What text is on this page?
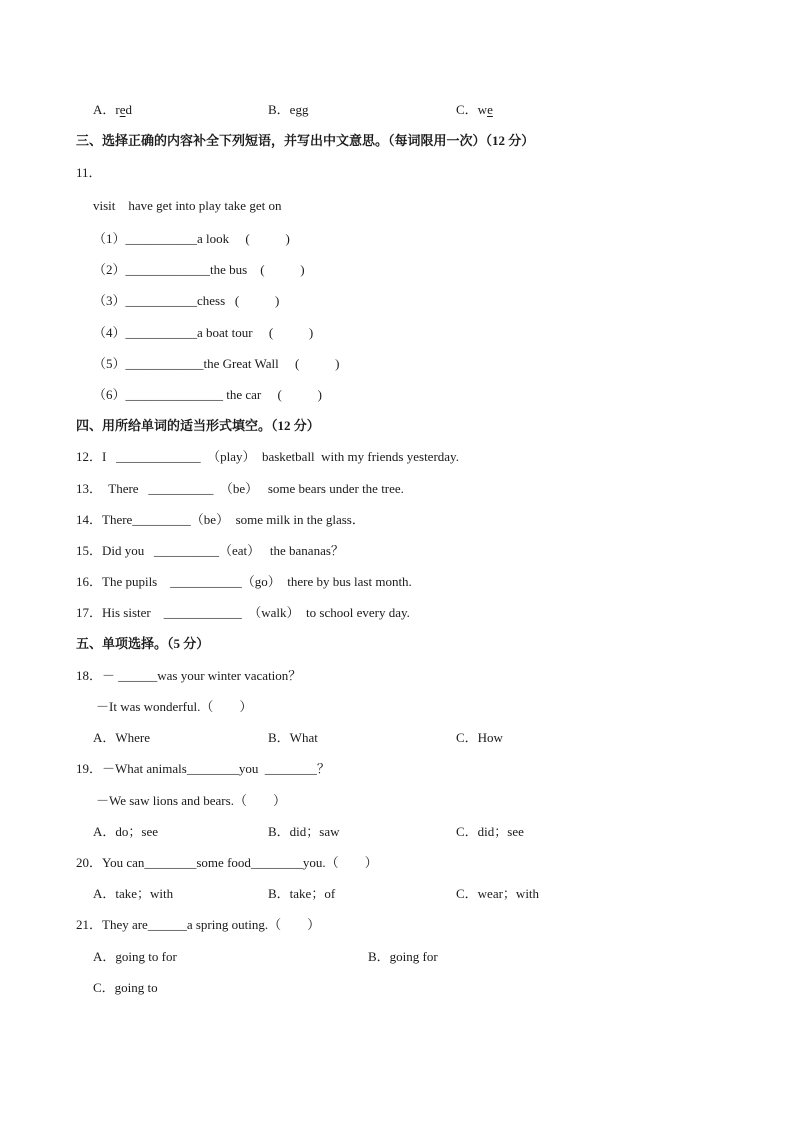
A．red	B．egg	C．we
三、选择正确的内容补全下列短语，并写出中文意思。（每词限用一次）（12 分）
11．
visit    have get into play take get on
（1）___________a look     (           )
（2）_____________the bus    (           )
（3）___________chess   (           )
（4）___________a boat tour     (           )
（5）____________the Great Wall     (           )
（6）_______________ the car     (           )
四、用所给单词的适当形式填空。（12 分）
12．I   _____________  （play）  basketball  with my friends yesterday.
13．  There   __________  （be）   some bears under the tree.
14．There_________（be）  some milk in the glass．
15．Did you   __________（eat）   the bananas？
16．The pupils    ___________（go）  there by bus last month.
17．His sister    ____________  （walk）  to school every day.
五、单项选择。（5 分）
18．－ ______was your winter vacation？
－It was wonderful.（        ）
A．Where	B．What	C．How
19．－What animals________you  ________？
－We saw lions and bears.（        ）
A．do；see	B．did；saw	C．did；see
20．You can________some food________you.（        ）
A．take；with	B．take；of	C．wear；with
21．They are______a spring outing.（        ）
A．going to for	B．going for
C．going to
